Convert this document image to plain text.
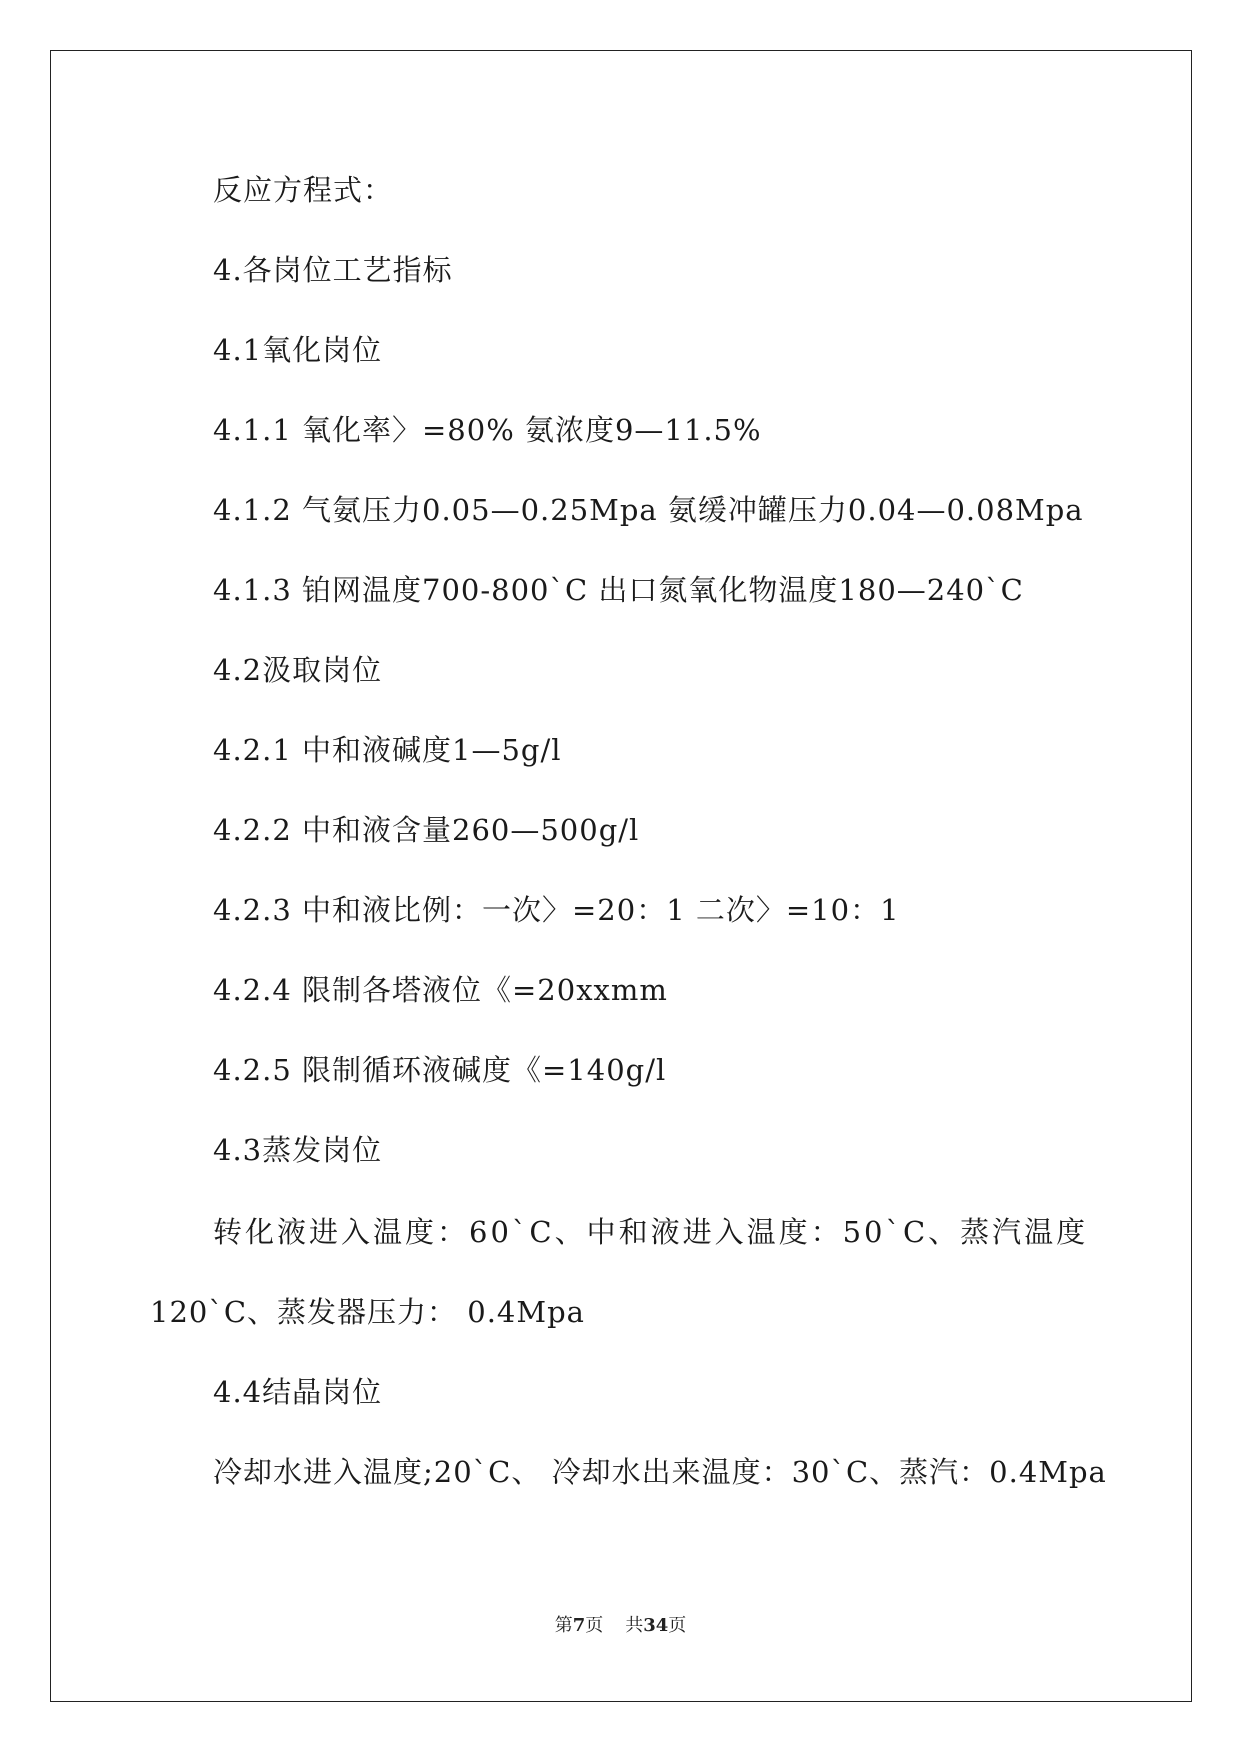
反应方程式：
4.各岗位工艺指标
4.1氧化岗位
4.1.1 氧化率〉=80% 氨浓度9—11.5%
4.1.2 气氨压力0.05—0.25Mpa 氨缓冲罐压力0.04—0.08Mpa
4.1.3 铂网温度700-800`C 出口氮氧化物温度180—240`C
4.2汲取岗位
4.2.1 中和液碱度1—5g/l
4.2.2 中和液含量260—500g/l
4.2.3 中和液比例：一次〉=20：1 二次〉=10：1
4.2.4 限制各塔液位《=20xxmm
4.2.5 限制循环液碱度《=140g/l
4.3蒸发岗位
转化液进入温度：60`C、中和液进入温度：50`C、蒸汽温度
120`C、蒸发器压力： 0.4Mpa
4.4结晶岗位
冷却水进入温度;20`C、 冷却水出来温度：30`C、蒸汽：0.4Mpa
第7页 共34页
